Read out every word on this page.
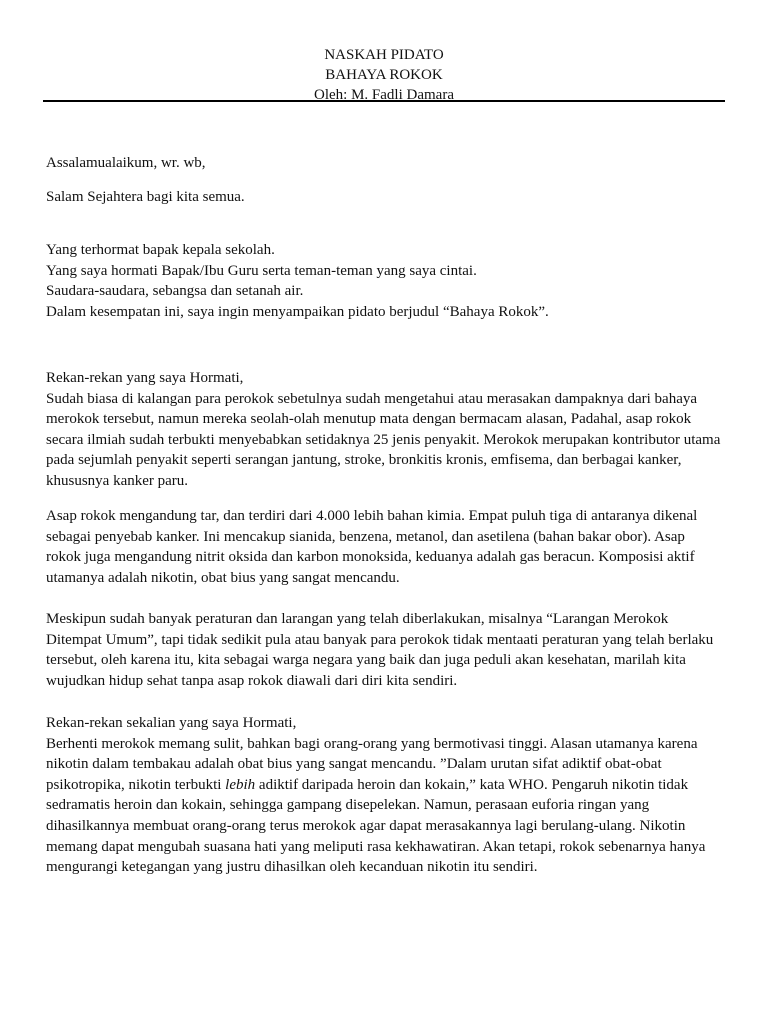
NASKAH PIDATO
BAHAYA ROKOK
Oleh: M. Fadli Damara
Assalamualaikum, wr. wb,
Salam Sejahtera bagi kita semua.
Yang terhormat bapak kepala sekolah.
Yang saya hormati Bapak/Ibu Guru serta teman-teman yang saya cintai.
Saudara-saudara, sebangsa dan setanah air.
Dalam kesempatan ini, saya ingin menyampaikan pidato berjudul “Bahaya Rokok”.
Rekan-rekan yang saya Hormati,
Sudah biasa di kalangan para perokok sebetulnya sudah mengetahui atau merasakan dampaknya dari bahaya
merokok tersebut, namun mereka seolah-olah menutup mata dengan bermacam alasan, Padahal, asap rokok
secara ilmiah sudah terbukti menyebabkan setidaknya 25 jenis penyakit. Merokok merupakan kontributor utama
pada sejumlah penyakit seperti serangan jantung, stroke, bronkitis kronis, emfisema, dan berbagai kanker,
khususnya kanker paru.
Asap rokok mengandung tar, dan terdiri dari 4.000 lebih bahan kimia. Empat puluh tiga di antaranya dikenal
sebagai penyebab kanker. Ini mencakup sianida, benzena, metanol, dan asetilena (bahan bakar obor). Asap
rokok juga mengandung nitrit oksida dan karbon monoksida, keduanya adalah gas beracun. Komposisi aktif
utamanya adalah nikotin, obat bius yang sangat mencandu.
Meskipun sudah banyak peraturan dan larangan yang telah diberlakukan, misalnya “Larangan Merokok
Ditempat Umum”, tapi tidak sedikit pula atau banyak para perokok tidak mentaati peraturan yang telah berlaku
tersebut, oleh karena itu, kita sebagai warga negara yang baik dan juga peduli akan kesehatan, marilah kita
wujudkan hidup sehat tanpa asap rokok diawali dari diri kita sendiri.
Rekan-rekan sekalian yang saya Hormati,
Berhenti merokok memang sulit, bahkan bagi orang-orang yang bermotivasi tinggi. Alasan utamanya karena
nikotin dalam tembakau adalah obat bius yang sangat mencandu. ”Dalam urutan sifat adiktif obat-obat
psikotropika, nikotin terbukti lebih adiktif daripada heroin dan kokain,” kata WHO. Pengaruh nikotin tidak
sedramatis heroin dan kokain, sehingga gampang disepelekan. Namun, perasaan euforia ringan yang
dihasilkannya membuat orang-orang terus merokok agar dapat merasakannya lagi berulang-ulang. Nikotin
memang dapat mengubah suasana hati yang meliputi rasa kekhawatiran. Akan tetapi, rokok sebenarnya hanya
mengurangi ketegangan yang justru dihasilkan oleh kecanduan nikotin itu sendiri.
